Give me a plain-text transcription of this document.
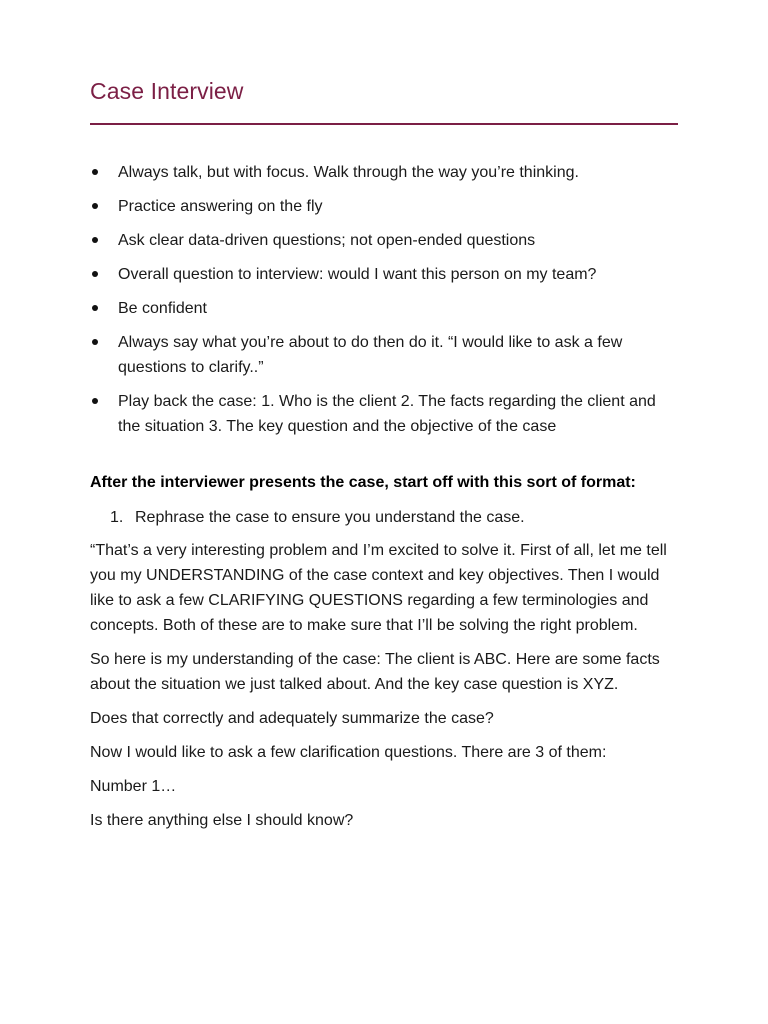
Case Interview
Always talk, but with focus. Walk through the way you’re thinking.
Practice answering on the fly
Ask clear data-driven questions; not open-ended questions
Overall question to interview: would I want this person on my team?
Be confident
Always say what you’re about to do then do it. “I would like to ask a few questions to clarify..”
Play back the case: 1. Who is the client 2. The facts regarding the client and the situation 3. The key question and the objective of the case

After the interviewer presents the case, start off with this sort of format:

1. Rephrase the case to ensure you understand the case.

“That’s a very interesting problem and I’m excited to solve it. First of all, let me tell you my UNDERSTANDING of the case context and key objectives. Then I would like to ask a few CLARIFYING QUESTIONS regarding a few terminologies and concepts. Both of these are to make sure that I’ll be solving the right problem.

So here is my understanding of the case: The client is ABC. Here are some facts about the situation we just talked about. And the key case question is XYZ.

Does that correctly and adequately summarize the case?

Now I would like to ask a few clarification questions. There are 3 of them:

Number 1…

Is there anything else I should know?
